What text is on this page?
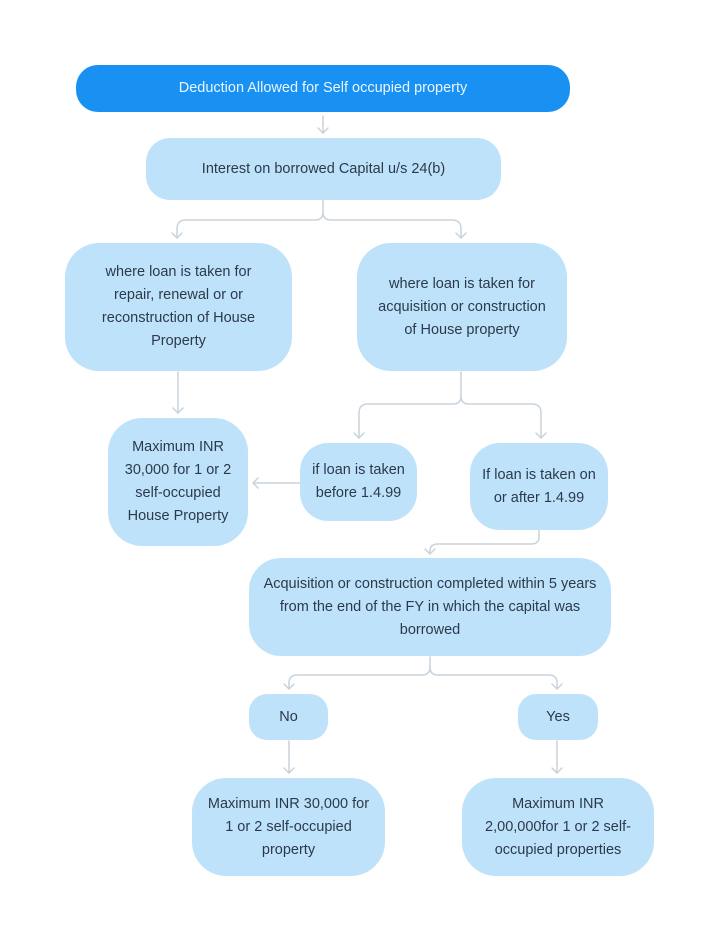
Deduction Allowed for Self occupied property
Interest on borrowed Capital u/s 24(b)
where loan is taken for repair, renewal or or reconstruction of House Property
where loan is taken for acquisition or construction of House property
Maximum INR 30,000 for 1 or 2 self-occupied House Property
if loan is taken before 1.4.99
If loan is taken on or after 1.4.99
Acquisition or construction completed within 5 years from the end of the FY in which the capital was borrowed
No	Yes
Maximum INR 30,000 for 1 or 2 self-occupied property
Maximum INR 2,00,000for 1 or 2 self-occupied properties
